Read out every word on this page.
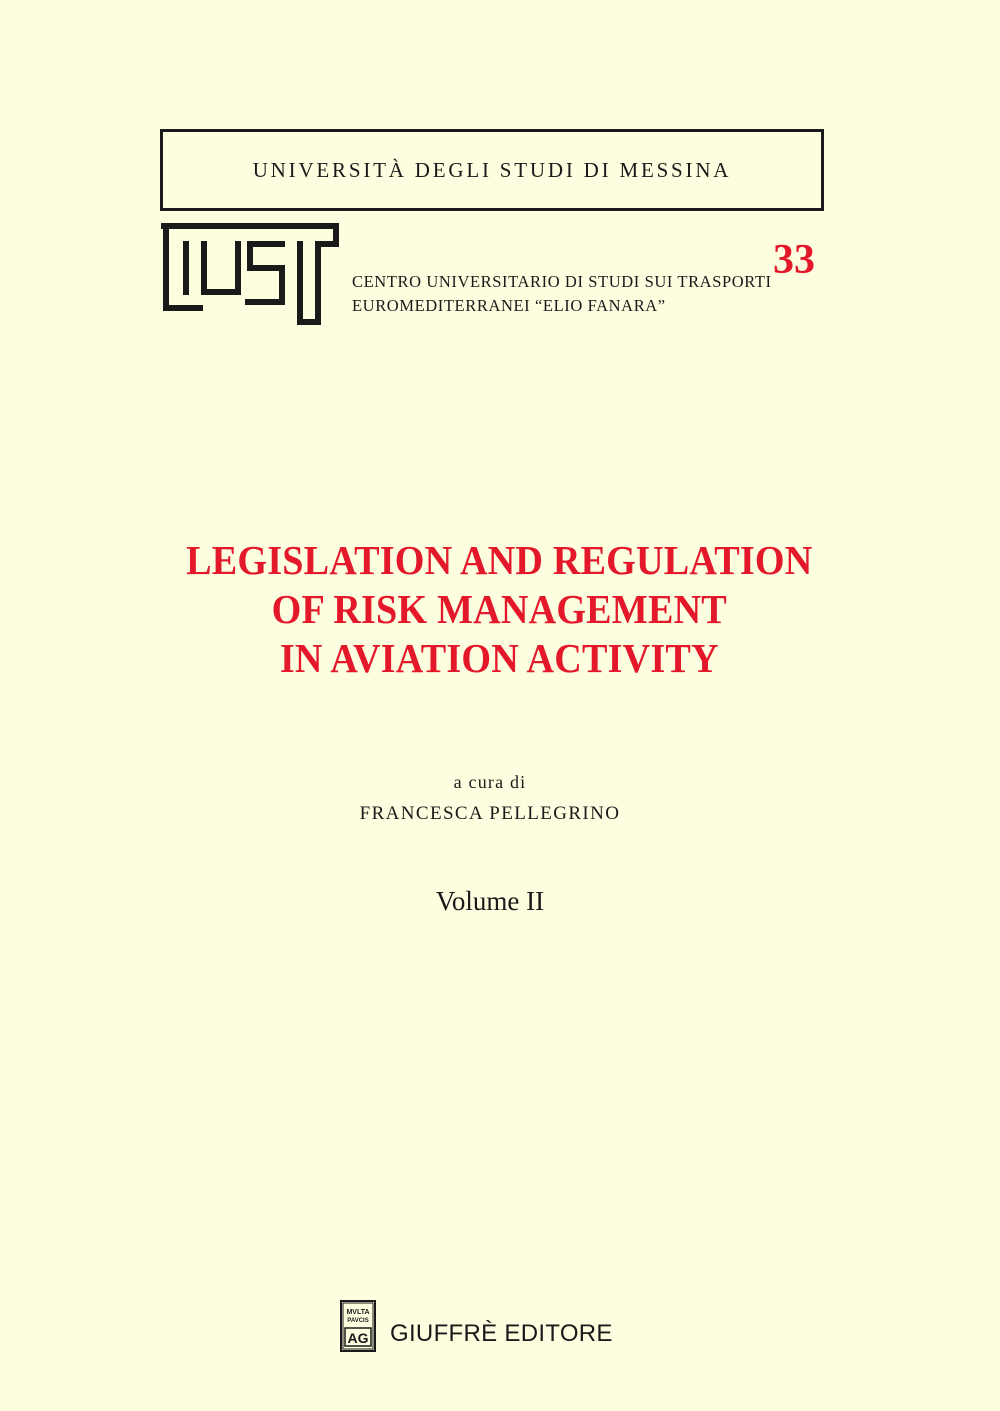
UNIVERSITÀ DEGLI STUDI DI MESSINA
CENTRO UNIVERSITARIO DI STUDI SUI TRASPORTI
EUROMEDITERRANEI “ELIO FANARA”
33
LEGISLATION AND REGULATION
OF RISK MANAGEMENT
IN AVIATION ACTIVITY
a cura di
FRANCESCA PELLEGRINO
Volume II
MVLTA
PAVCIS
AG GIUFFRÈ EDITORE
